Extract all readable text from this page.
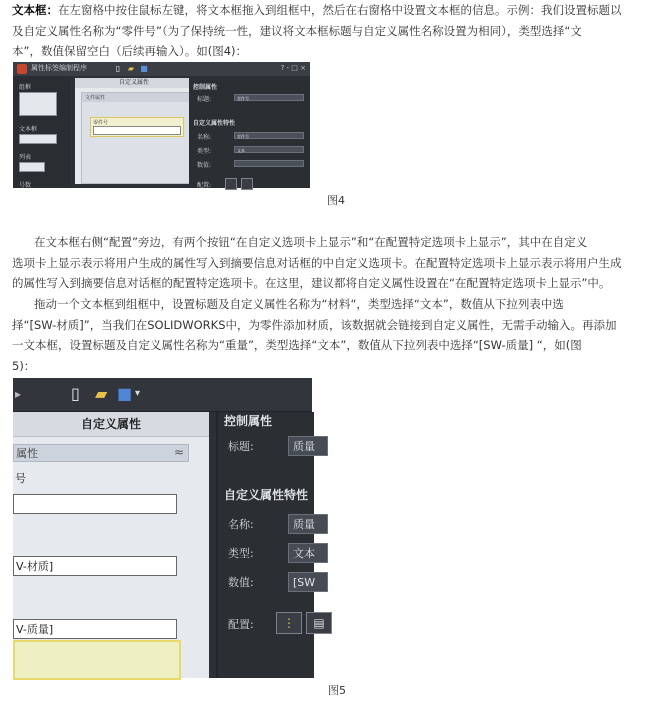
文本框：在左窗格中按住鼠标左键，将文本框拖入到组框中，然后在右窗格中设置文本框的信息。示例：我们设置标题以
及自定义属性名称为“零件号”（为了保持统一性，建议将文本框标题与自定义属性名称设置为相同），类型选择“文
本”，数值保留空白（后续再输入）。如(图4)：
属性标签编制程序	▯ ▰ ■	? - □ ×
组框
文本框
列表
号数
自定义属性
文件属性
零件号
控制属性
标题:	零件号
自定义属性特性
名称:	零件号
类型:	文本
数值:
配置:
图4
在文本框右侧“配置”旁边，有两个按钮“在自定义选项卡上显示”和“在配置特定选项卡上显示”，其中在自定义
选项卡上显示表示将用户生成的属性写入到摘要信息对话框的中自定义选项卡。在配置特定选项卡上显示表示将用户生成
的属性写入到摘要信息对话框的配置特定选项卡。在这里，建议都将自定义属性设置在“在配置特定选项卡上显示”中。
拖动一个文本框到组框中，设置标题及自定义属性名称为“材料“，类型选择“文本”，数值从下拉列表中选
择“[SW-材质]”，当我们在SOLIDWORKS中，为零件添加材质，该数据就会链接到自定义属性，无需手动输入。再添加
一文本框，设置标题及自定义属性名称为“重量”，类型选择“文本”，数值从下拉列表中选择“[SW-质量] “，如(图
5)：
▸	▯ ▰ ■ ▾
自定义属性
属性	≈
号
V-材质]
V-质量]
控制属性
标题:	质量
自定义属性特性
名称:	质量
类型:	文本
数值:	[SW
配置:	⋮	▤
图5
